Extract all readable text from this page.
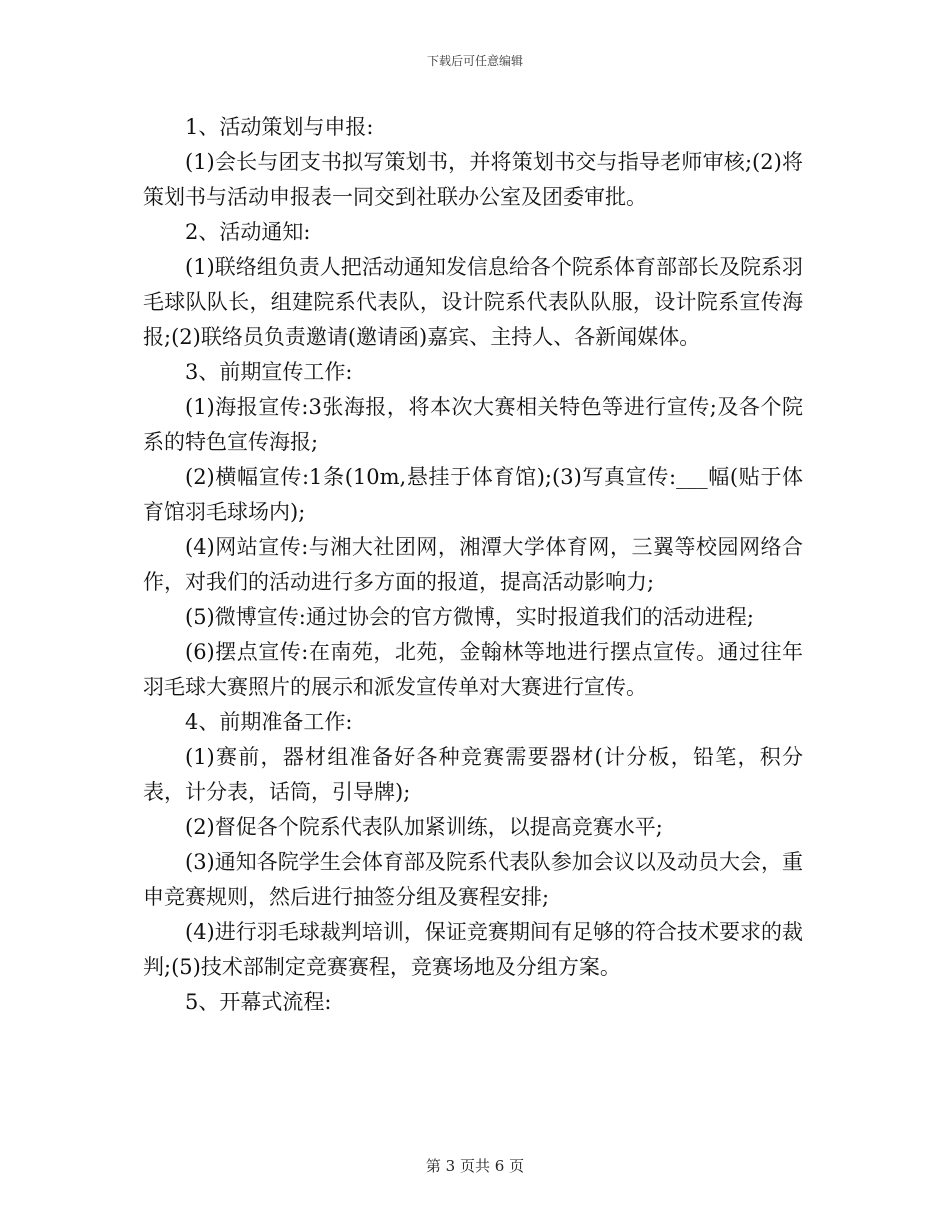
下载后可任意编辑

1、活动策划与申报:

(1)会长与团支书拟写策划书，并将策划书交与指导老师审核;(2)将策划书与活动申报表一同交到社联办公室及团委审批。

2、活动通知:

(1)联络组负责人把活动通知发信息给各个院系体育部部长及院系羽毛球队队长，组建院系代表队，设计院系代表队队服，设计院系宣传海报;(2)联络员负责邀请(邀请函)嘉宾、主持人、各新闻媒体。

3、前期宣传工作:

(1)海报宣传:3张海报，将本次大赛相关特色等进行宣传;及各个院系的特色宣传海报;

(2)横幅宣传:1条(10m,悬挂于体育馆);(3)写真宣传:___幅(贴于体育馆羽毛球场内);

(4)网站宣传:与湘大社团网，湘潭大学体育网，三翼等校园网络合作，对我们的活动进行多方面的报道，提高活动影响力;

(5)微博宣传:通过协会的官方微博，实时报道我们的活动进程;

(6)摆点宣传:在南苑，北苑，金翰林等地进行摆点宣传。通过往年羽毛球大赛照片的展示和派发宣传单对大赛进行宣传。

4、前期准备工作:

(1)赛前，器材组准备好各种竞赛需要器材(计分板，铅笔，积分表，计分表，话筒，引导牌);

(2)督促各个院系代表队加紧训练，以提高竞赛水平;

(3)通知各院学生会体育部及院系代表队参加会议以及动员大会，重申竞赛规则，然后进行抽签分组及赛程安排;

(4)进行羽毛球裁判培训，保证竞赛期间有足够的符合技术要求的裁判;(5)技术部制定竞赛赛程，竞赛场地及分组方案。

5、开幕式流程:

第 3 页共 6 页
